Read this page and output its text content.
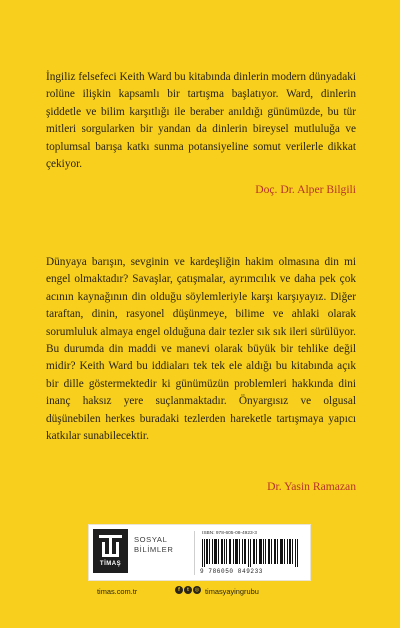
İngiliz felsefeci Keith Ward bu kitabında dinlerin modern dünyadaki rolüne ilişkin kapsamlı bir tartışma başlatıyor. Ward, dinlerin şiddetle ve bilim karşıtlığı ile beraber anıldığı günümüzde, bu tür mitleri sorgularken bir yandan da dinlerin bireysel mutluluğa ve toplumsal barışa katkı sunma potansiyeline somut verilerle dikkat çekiyor.

Doç. Dr. Alper Bilgili

Dünyaya barışın, sevginin ve kardeşliğin hakim olmasına din mi engel olmaktadır? Savaşlar, çatışmalar, ayrımcılık ve daha pek çok acının kaynağının din olduğu söylemleriyle karşı karşıyayız. Diğer taraftan, dinin, rasyonel düşünmeye, bilime ve ahlaki olarak sorumluluk almaya engel olduğuna dair tezler sık sık ileri sürülüyor. Bu durumda din maddi ve manevi olarak büyük bir tehlike değil midir? Keith Ward bu iddiaları tek tek ele aldığı bu kitabında açık bir dille göstermektedir ki günümüzün problemleri hakkında dini inanç haksız yere suçlanmaktadır. Önyargısız ve olgusal düşünebilen herkes buradaki tezlerden hareketle tartışmaya yapıcı katkılar sunabilecektir.

Dr. Yasin Ramazan
TİMAŞ
SOSYAL
BİLİMLER
ISBN: 978-605-08-4923-3
9 786050 849233
timas.com.tr	f	t	◎ timasyayingrubu
